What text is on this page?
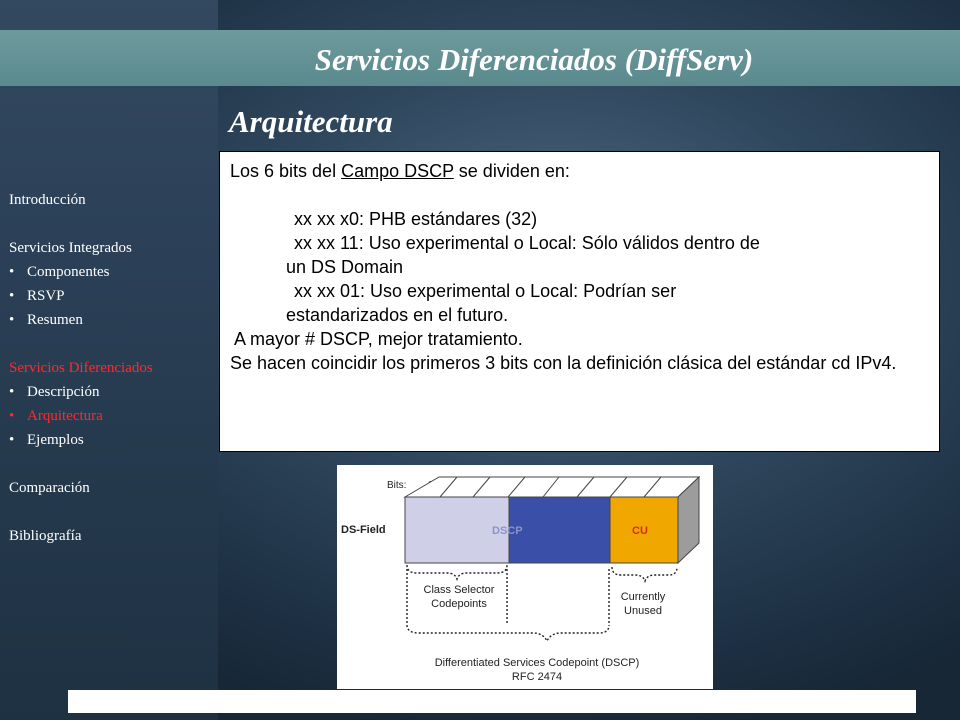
Servicios Diferenciados (DiffServ)

Arquitectura

Introducción
Servicios Integrados
• Componentes
• RSVP
• Resumen
Servicios Diferenciados
• Descripción
• Arquitectura
• Ejemplos
Comparación
Bibliografía

Los 6 bits del Campo DSCP se dividen en:

xx xx x0: PHB estándares (32)

xx xx 11: Uso experimental o Local: Sólo válidos dentro de

un DS Domain

xx xx 01: Uso experimental o Local: Podrían ser

estandarizados en el futuro.

A mayor # DSCP, mejor tratamiento.

Se hacen coincidir los primeros 3 bits con la definición clásica del estándar cd IPv4.

Bits:
DS-Field	DSCP	CU
Class Selector
Codepoints
Currently
Unused
Differentiated Services Codepoint (DSCP)
RFC 2474
